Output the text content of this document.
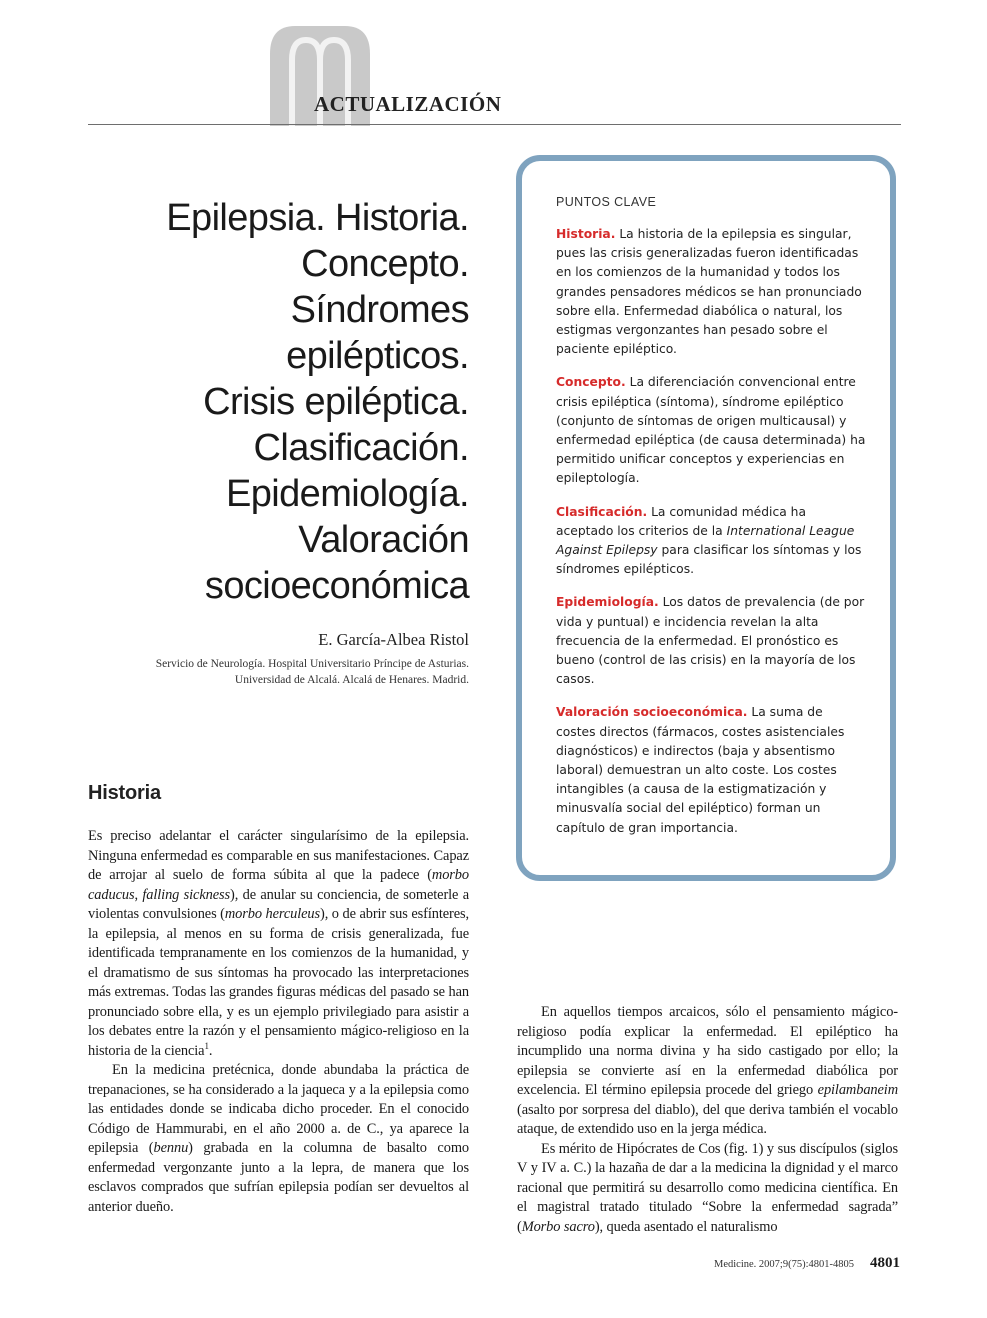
ACTUALIZACIÓN
Epilepsia. Historia.
Concepto.
Síndromes
epilépticos.
Crisis epiléptica.
Clasificación.
Epidemiología.
Valoración
socioeconómica
E. García-Albea Ristol
Servicio de Neurología. Hospital Universitario Príncipe de Asturias.
Universidad de Alcalá. Alcalá de Henares. Madrid.
PUNTOS CLAVE

Historia. La historia de la epilepsia es singular, pues las crisis generalizadas fueron identificadas en los comienzos de la humanidad y todos los grandes pensadores médicos se han pronunciado sobre ella. Enfermedad diabólica o natural, los estigmas vergonzantes han pesado sobre el paciente epiléptico.

Concepto. La diferenciación convencional entre crisis epiléptica (síntoma), síndrome epiléptico (conjunto de síntomas de origen multicausal) y enfermedad epiléptica (de causa determinada) ha permitido unificar conceptos y experiencias en epileptología.

Clasificación. La comunidad médica ha aceptado los criterios de la International League Against Epilepsy para clasificar los síntomas y los síndromes epilépticos.

Epidemiología. Los datos de prevalencia (de por vida y puntual) e incidencia revelan la alta frecuencia de la enfermedad. El pronóstico es bueno (control de las crisis) en la mayoría de los casos.

Valoración socioeconómica. La suma de costes directos (fármacos, costes asistenciales diagnósticos) e indirectos (baja y absentismo laboral) demuestran un alto coste. Los costes intangibles (a causa de la estigmatización y minusvalía social del epiléptico) forman un capítulo de gran importancia.

Historia

Es preciso adelantar el carácter singularísimo de la epilepsia. Ninguna enfermedad es comparable en sus manifestaciones. Capaz de arrojar al suelo de forma súbita al que la padece (morbo caducus, falling sickness), de anular su conciencia, de someterle a violentas convulsiones (morbo herculeus), o de abrir sus esfínteres, la epilepsia, al menos en su forma de crisis generalizada, fue identificada tempranamente en los comienzos de la humanidad, y el dramatismo de sus síntomas ha provocado las interpretaciones más extremas. Todas las grandes figuras médicas del pasado se han pronunciado sobre ella, y es un ejemplo privilegiado para asistir a los debates entre la razón y el pensamiento mágico-religioso en la historia de la ciencia$^1$.

En la medicina pretécnica, donde abundaba la práctica de trepanaciones, se ha considerado a la jaqueca y a la epilepsia como las entidades donde se indicaba dicho proceder. En el conocido Código de Hammurabi, en el año 2000 a. de C., ya aparece la epilepsia (bennu) grabada en la columna de basalto como enfermedad vergonzante junto a la lepra, de manera que los esclavos comprados que sufrían epilepsia podían ser devueltos al anterior dueño.

En aquellos tiempos arcaicos, sólo el pensamiento mágico-religioso podía explicar la enfermedad. El epiléptico ha incumplido una norma divina y ha sido castigado por ello; la epilepsia se convierte así en la enfermedad diabólica por excelencia. El término epilepsia procede del griego epilambaneim (asalto por sorpresa del diablo), del que deriva también el vocablo ataque, de extendido uso en la jerga médica.

Es mérito de Hipócrates de Cos (fig. 1) y sus discípulos (siglos V y IV a. C.) la hazaña de dar a la medicina la dignidad y el marco racional que permitirá su desarrollo como medicina científica. En el magistral tratado titulado “Sobre la enfermedad sagrada” (Morbo sacro), queda asentado el naturalismo

Medicine. 2007;9(75):4801-4805 4801
